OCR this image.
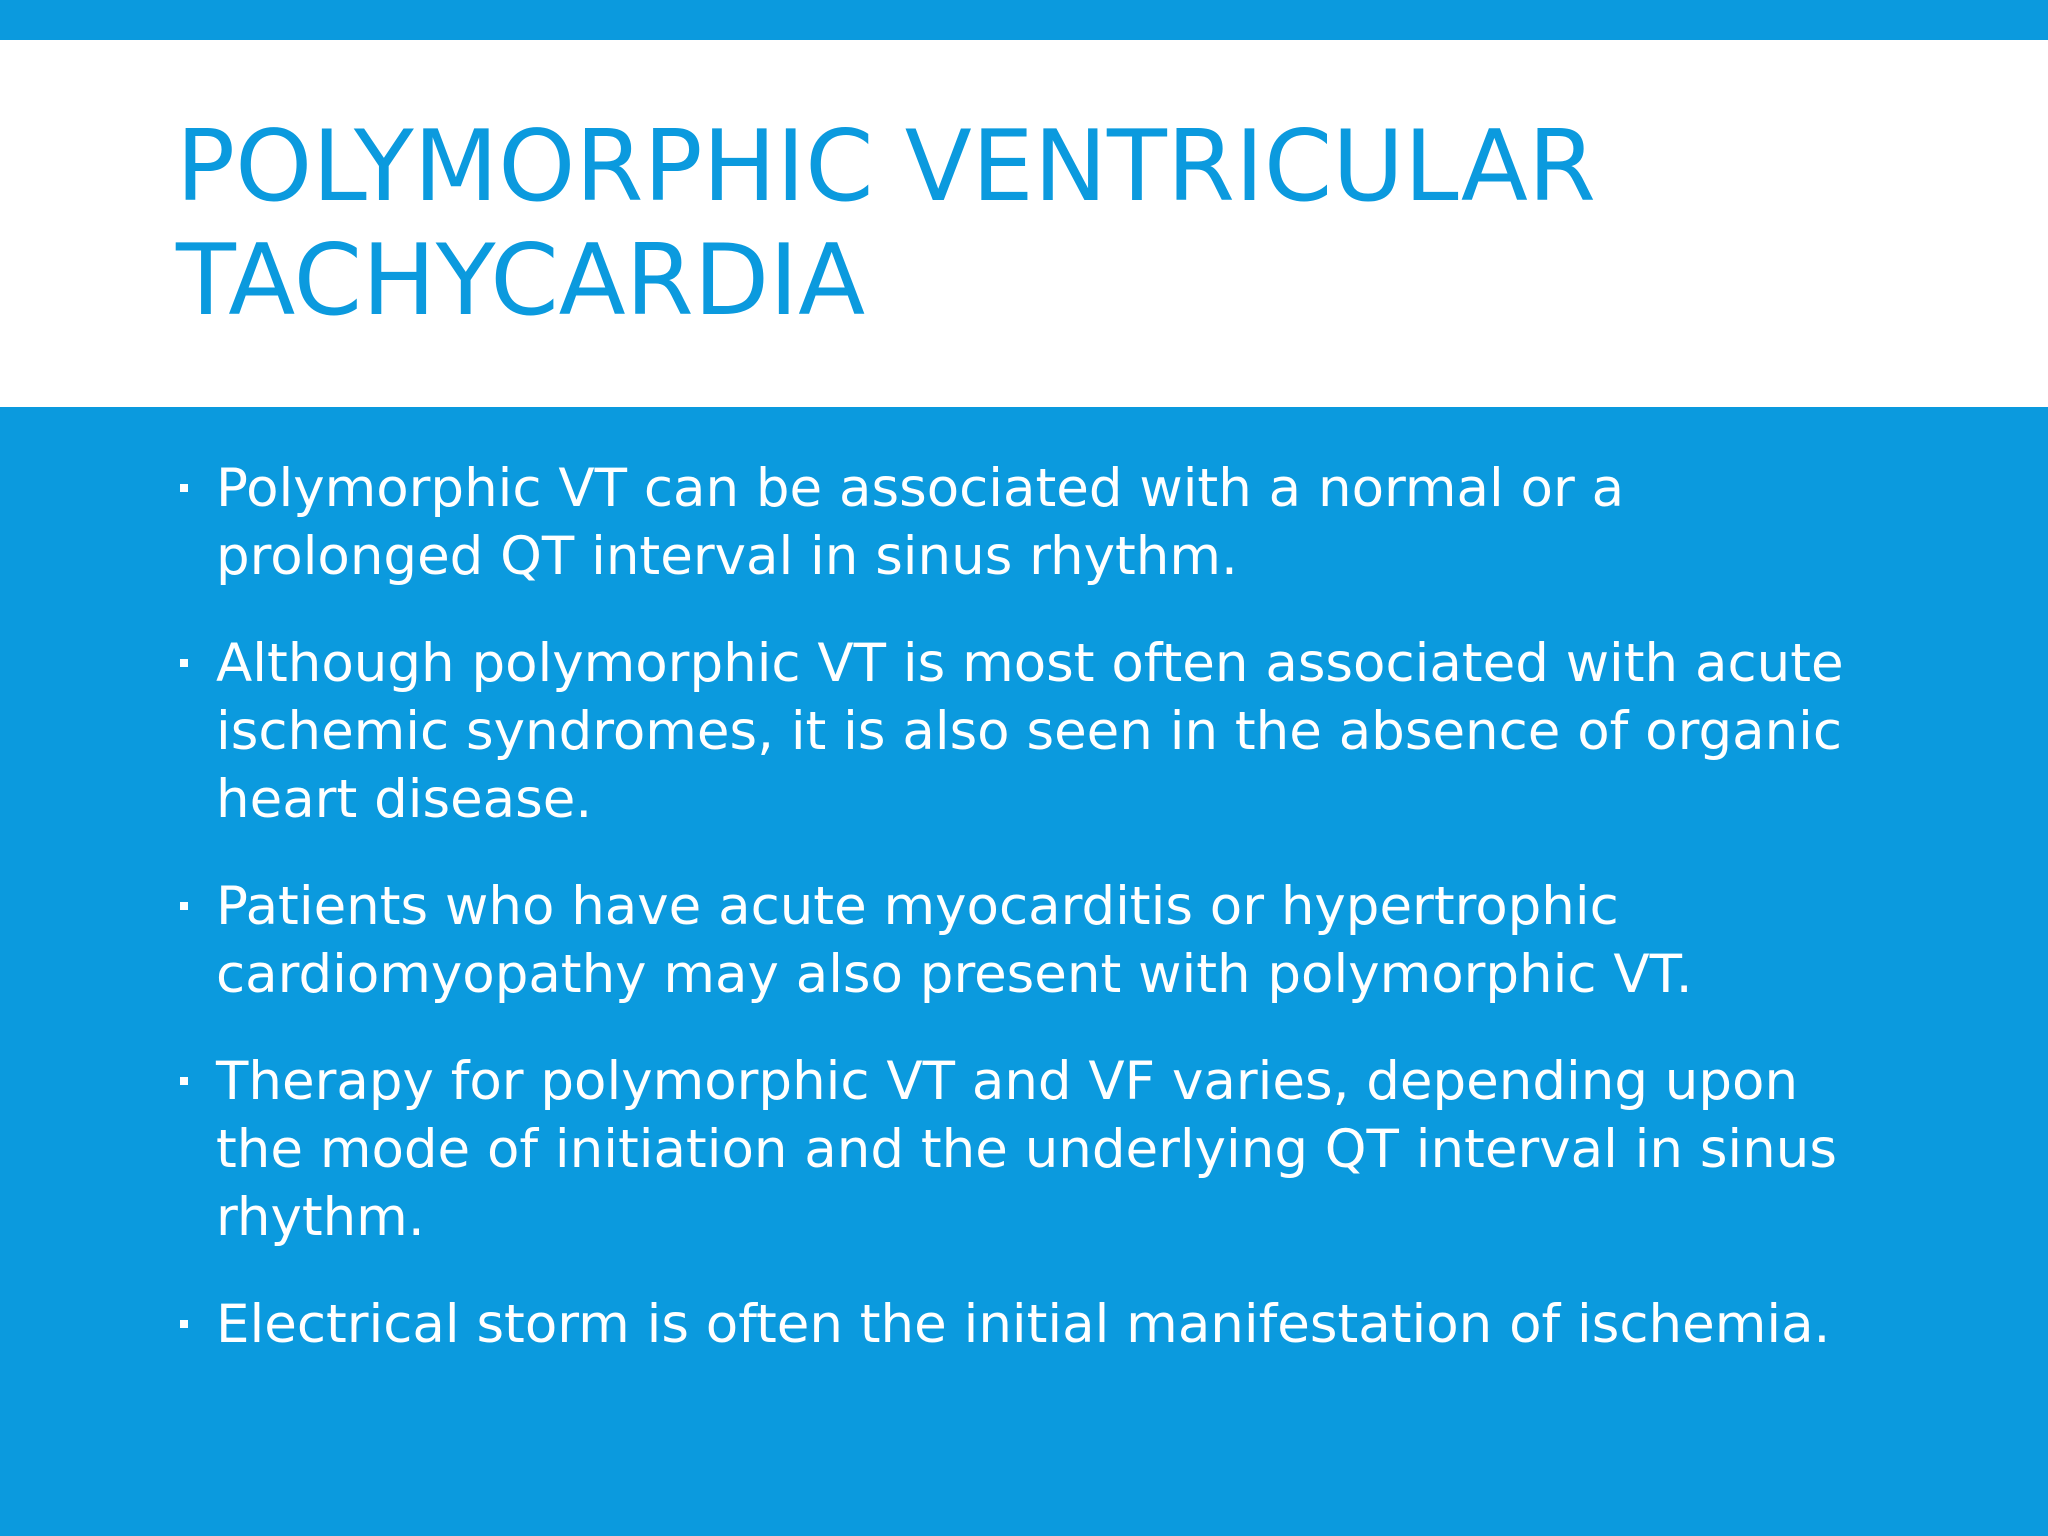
POLYMORPHIC VENTRICULAR TACHYCARDIA
Polymorphic VT can be associated with a normal or a prolonged QT interval in sinus rhythm.
Although polymorphic VT is most often associated with acute ischemic syndromes, it is also seen in the absence of organic heart disease.
Patients who have acute myocarditis or hypertrophic cardiomyopathy may also present with polymorphic VT.
Therapy for polymorphic VT and VF varies, depending upon the mode of initiation and the underlying QT interval in sinus rhythm.
Electrical storm is often the initial manifestation of ischemia.
